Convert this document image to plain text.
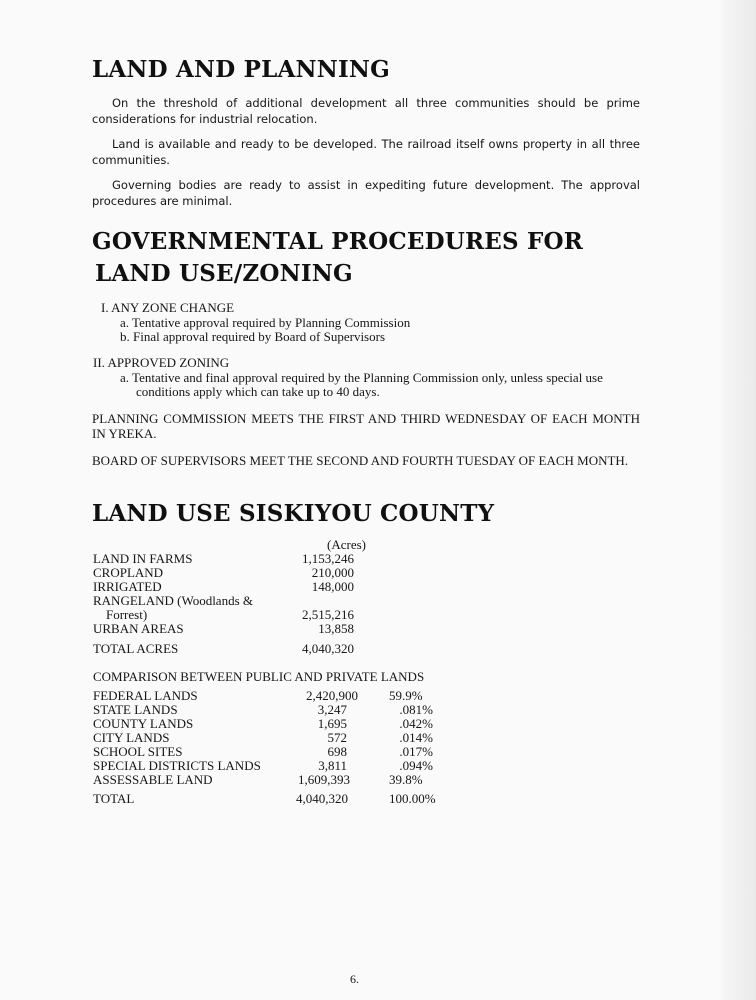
LAND AND PLANNING

On the threshold of additional development all three communities should be prime considerations for industrial relocation.

Land is available and ready to be developed. The railroad itself owns property in all three communities.

Governing bodies are ready to assist in expediting future development. The approval procedures are minimal.

GOVERNMENTAL PROCEDURES FOR
LAND USE/ZONING

I. ANY ZONE CHANGE

a. Tentative approval required by Planning Commission

b. Final approval required by Board of Supervisors

II. APPROVED ZONING

a. Tentative and final approval required by the Planning Commission only, unless special use

conditions apply which can take up to 40 days.

PLANNING COMMISSION MEETS THE FIRST AND THIRD WEDNESDAY OF EACH MONTH IN YREKA.

BOARD OF SUPERVISORS MEET THE SECOND AND FOURTH TUESDAY OF EACH MONTH.

LAND USE SISKIYOU COUNTY

(Acres)

LAND IN FARMS	1,153,246

CROPLAND	210,000

IRRIGATED	148,000

RANGELAND (Woodlands &

Forrest)	2,515,216

URBAN AREAS	13,858

TOTAL ACRES	4,040,320

COMPARISON BETWEEN PUBLIC AND PRIVATE LANDS

FEDERAL LANDS	2,420,900 59.9%

STATE LANDS	3,247	.081%

COUNTY LANDS	1,695	.042%

CITY LANDS	572	.014%

SCHOOL SITES	698	.017%

SPECIAL DISTRICTS LANDS	3,811	.094%

ASSESSABLE LAND	1,609,393	39.8%

TOTAL	4,040,320	100.00%

6.
